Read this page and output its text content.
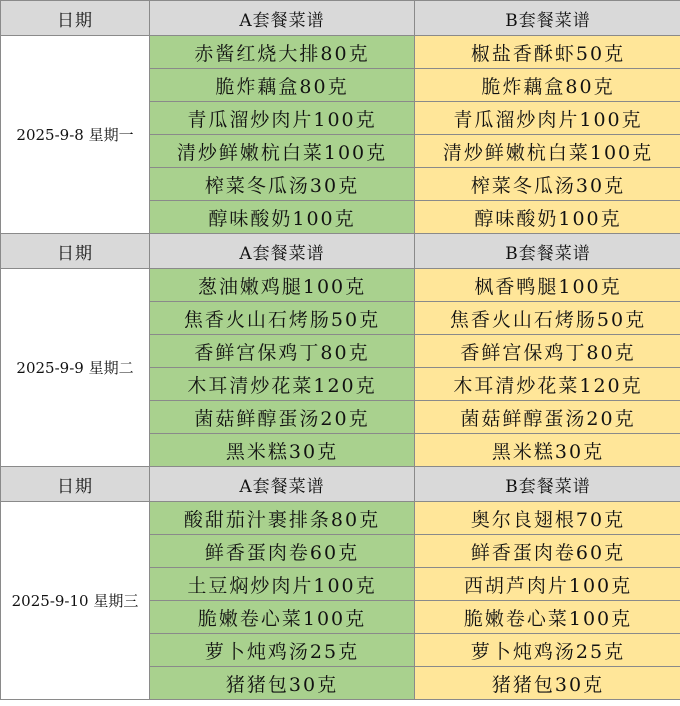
日期	A套餐菜谱	B套餐菜谱
2025-9-8 星期一	赤酱红烧大排80克	椒盐香酥虾50克
	脆炸藕盒80克	脆炸藕盒80克
	青瓜溜炒肉片100克	青瓜溜炒肉片100克
	清炒鲜嫩杭白菜100克	清炒鲜嫩杭白菜100克
	榨菜冬瓜汤30克	榨菜冬瓜汤30克
	醇味酸奶100克	醇味酸奶100克
日期	A套餐菜谱	B套餐菜谱
2025-9-9 星期二	葱油嫩鸡腿100克	枫香鸭腿100克
	焦香火山石烤肠50克	焦香火山石烤肠50克
	香鲜宫保鸡丁80克	香鲜宫保鸡丁80克
	木耳清炒花菜120克	木耳清炒花菜120克
	菌菇鲜醇蛋汤20克	菌菇鲜醇蛋汤20克
	黑米糕30克	黑米糕30克
日期	A套餐菜谱	B套餐菜谱
2025-9-10 星期三	酸甜茄汁裹排条80克	奥尔良翅根70克
	鲜香蛋肉卷60克	鲜香蛋肉卷60克
	土豆焖炒肉片100克	西胡芦肉片100克
	脆嫩卷心菜100克	脆嫩卷心菜100克
	萝卜炖鸡汤25克	萝卜炖鸡汤25克
	猪猪包30克	猪猪包30克
